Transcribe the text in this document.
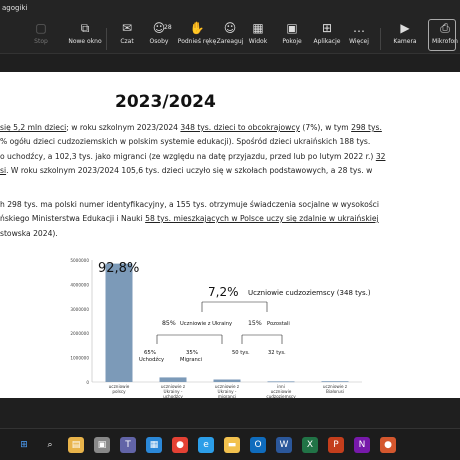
agogiki
▢
Stop
⧉
Nowe okno
✉
Czat
☺
28
Osoby
✋
Podnieś rękę
☺
Zareaguj
▦
Widok
▣
Pokoje
⊞
Aplikacje
…
Więcej
▶
Kamera
⎙
Mikrofon
2023/2024
się 5,2 mln dzieci; w roku szkolnym 2023/2024 348 tys. dzieci to obcokrajowcy (7%), w tym 298 tys.
% ogółu dzieci cudzoziemskich w polskim systemie edukacji). Spośród dzieci ukraińskich 188 tys.
o uchodźcy, a 102,3 tys. jako migranci (ze względu na datę przyjazdu, przed lub po lutym 2022 r.) 32
si. W roku szkolnym 2023/2024 105,6 tys. dzieci uczyło się w szkołach podstawowych, a 28 tys. w
h 298 tys. ma polski numer identyfikacyjny, a 155 tys. otrzymuje świadczenia socjalne w wysokości
ńskiego Ministerstwa Edukacji i Nauki 58 tys. mieszkających w Polsce uczy się zdalnie w ukraińskiej
stowska 2024).
5000000
4000000
3000000
2000000
1000000
0
uczniowie
polscy
uczniowie z
Ukrainy -
uchodźcy
uczniowie z
Ukrainy -
migranci
inni
uczniowie
cudzoziemscy
uczniowie z
Białorusi
92,8%
7,2% Uczniowie cudzoziemscy (348 tys.)
85% Uczniowie z Ukrainy	15% Pozostali
65%
Uchodźcy
35%
Migranci
50 tys.	32 tys.
⊞	⌕	▤	▣	T	▦	●	e	▬	O	W	X	P	N	●
